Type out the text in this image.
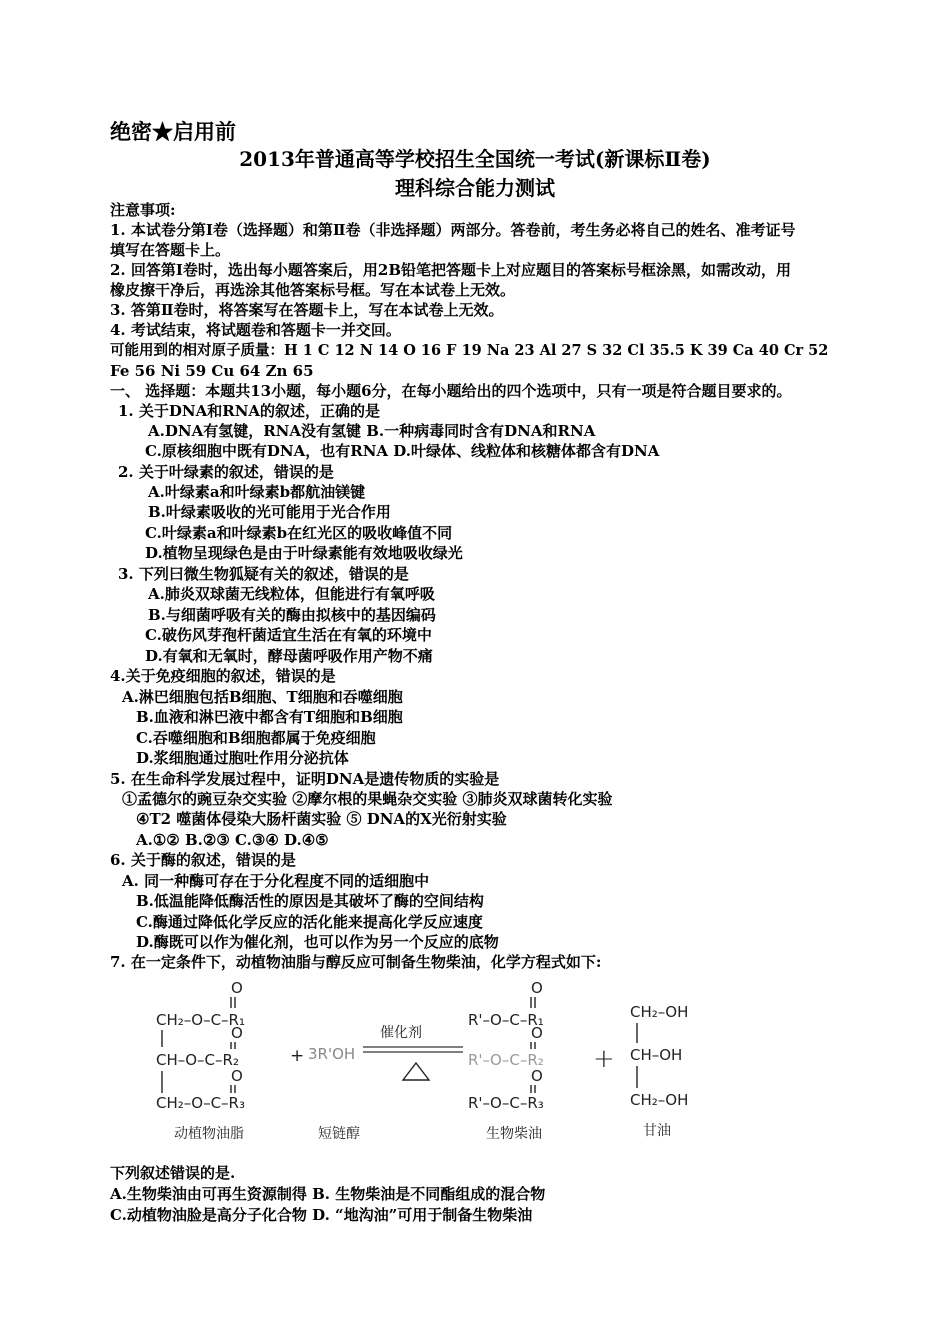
绝密★启用前
2013年普通高等学校招生全国统一考试(新课标Ⅱ卷)
理科综合能力测试
注意事项:
1. 本试卷分第Ⅰ卷（选择题）和第Ⅱ卷（非选择题）两部分。答卷前，考生务必将自己的姓名、准考证号
填写在答题卡上。
2. 回答第Ⅰ卷时，选出每小题答案后，用2B铅笔把答题卡上对应题目的答案标号框涂黑，如需改动，用
橡皮擦干净后，再选涂其他答案标号框。写在本试卷上无效。
3. 答第Ⅱ卷时，将答案写在答题卡上，写在本试卷上无效。
4. 考试结束，将试题卷和答题卡一并交回。
可能用到的相对原子质量：H 1 C 12 N 14 O 16 F 19 Na 23 Al 27 S 32 Cl 35.5 K 39 Ca 40 Cr 52
Fe 56 Ni 59 Cu 64 Zn 65
一、 选择题：本题共13小题，每小题6分，在每小题给出的四个选项中，只有一项是符合题目要求的。
1. 关于DNA和RNA的叙述，正确的是
A.DNA有氢键，RNA没有氢键 B.一种病毒同时含有DNA和RNA
C.原核细胞中既有DNA，也有RNA D.叶绿体、线粒体和核糖体都含有DNA
2. 关于叶绿素的叙述，错误的是
A.叶绿素a和叶绿素b都航油镁键
B.叶绿素吸收的光可能用于光合作用
C.叶绿素a和叶绿素b在红光区的吸收峰值不同
D.植物呈现绿色是由于叶绿素能有效地吸收绿光
3. 下列曰微生物狐疑有关的叙述，错误的是
A.肺炎双球菌无线粒体，但能进行有氧呼吸
B.与细菌呼吸有关的酶由拟核中的基因编码
C.破伤风芽孢杆菌适宜生活在有氧的环境中
D.有氧和无氧时，酵母菌呼吸作用产物不痛
4.关于免疫细胞的叙述，错误的是
A.淋巴细胞包括B细胞、T细胞和吞噬细胞
B.血液和淋巴液中都含有T细胞和B细胞
C.吞噬细胞和B细胞都属于免疫细胞
D.浆细胞通过胞吐作用分泌抗体
5. 在生命科学发展过程中，证明DNA是遗传物质的实验是
①孟德尔的豌豆杂交实验 ②摩尔根的果蝇杂交实验 ③肺炎双球菌转化实验
④T2 噬菌体侵染大肠杆菌实验 ⑤ DNA的X光衍射实验
A.①② B.②③ C.③④ D.④⑤
6. 关于酶的叙述，错误的是
A. 同一种酶可存在于分化程度不同的适细胞中
B.低温能降低酶活性的原因是其破坏了酶的空间结构
C.酶通过降低化学反应的活化能来提高化学反应速度
D.酶既可以作为催化剂，也可以作为另一个反应的底物
7. 在一定条件下，动植物油脂与醇反应可制备生物柴油，化学方程式如下:
O
CH₂–O–C–R₁
O
CH–O–C–R₂
O
CH₂–O–C–R₃
动植物油脂
+ 3R'OH
短链醇
催化剂
O
R'–O–C–R₁
O
R'–O–C–R₂
O
R'–O–C–R₃
生物柴油
+
CH₂–OH
CH–OH
CH₂–OH
甘油
下列叙述错误的是.
A.生物柴油由可再生资源制得 B. 生物柴油是不同酯组成的混合物
C.动植物油脸是高分子化合物 D. “地沟油”可用于制备生物柴油
